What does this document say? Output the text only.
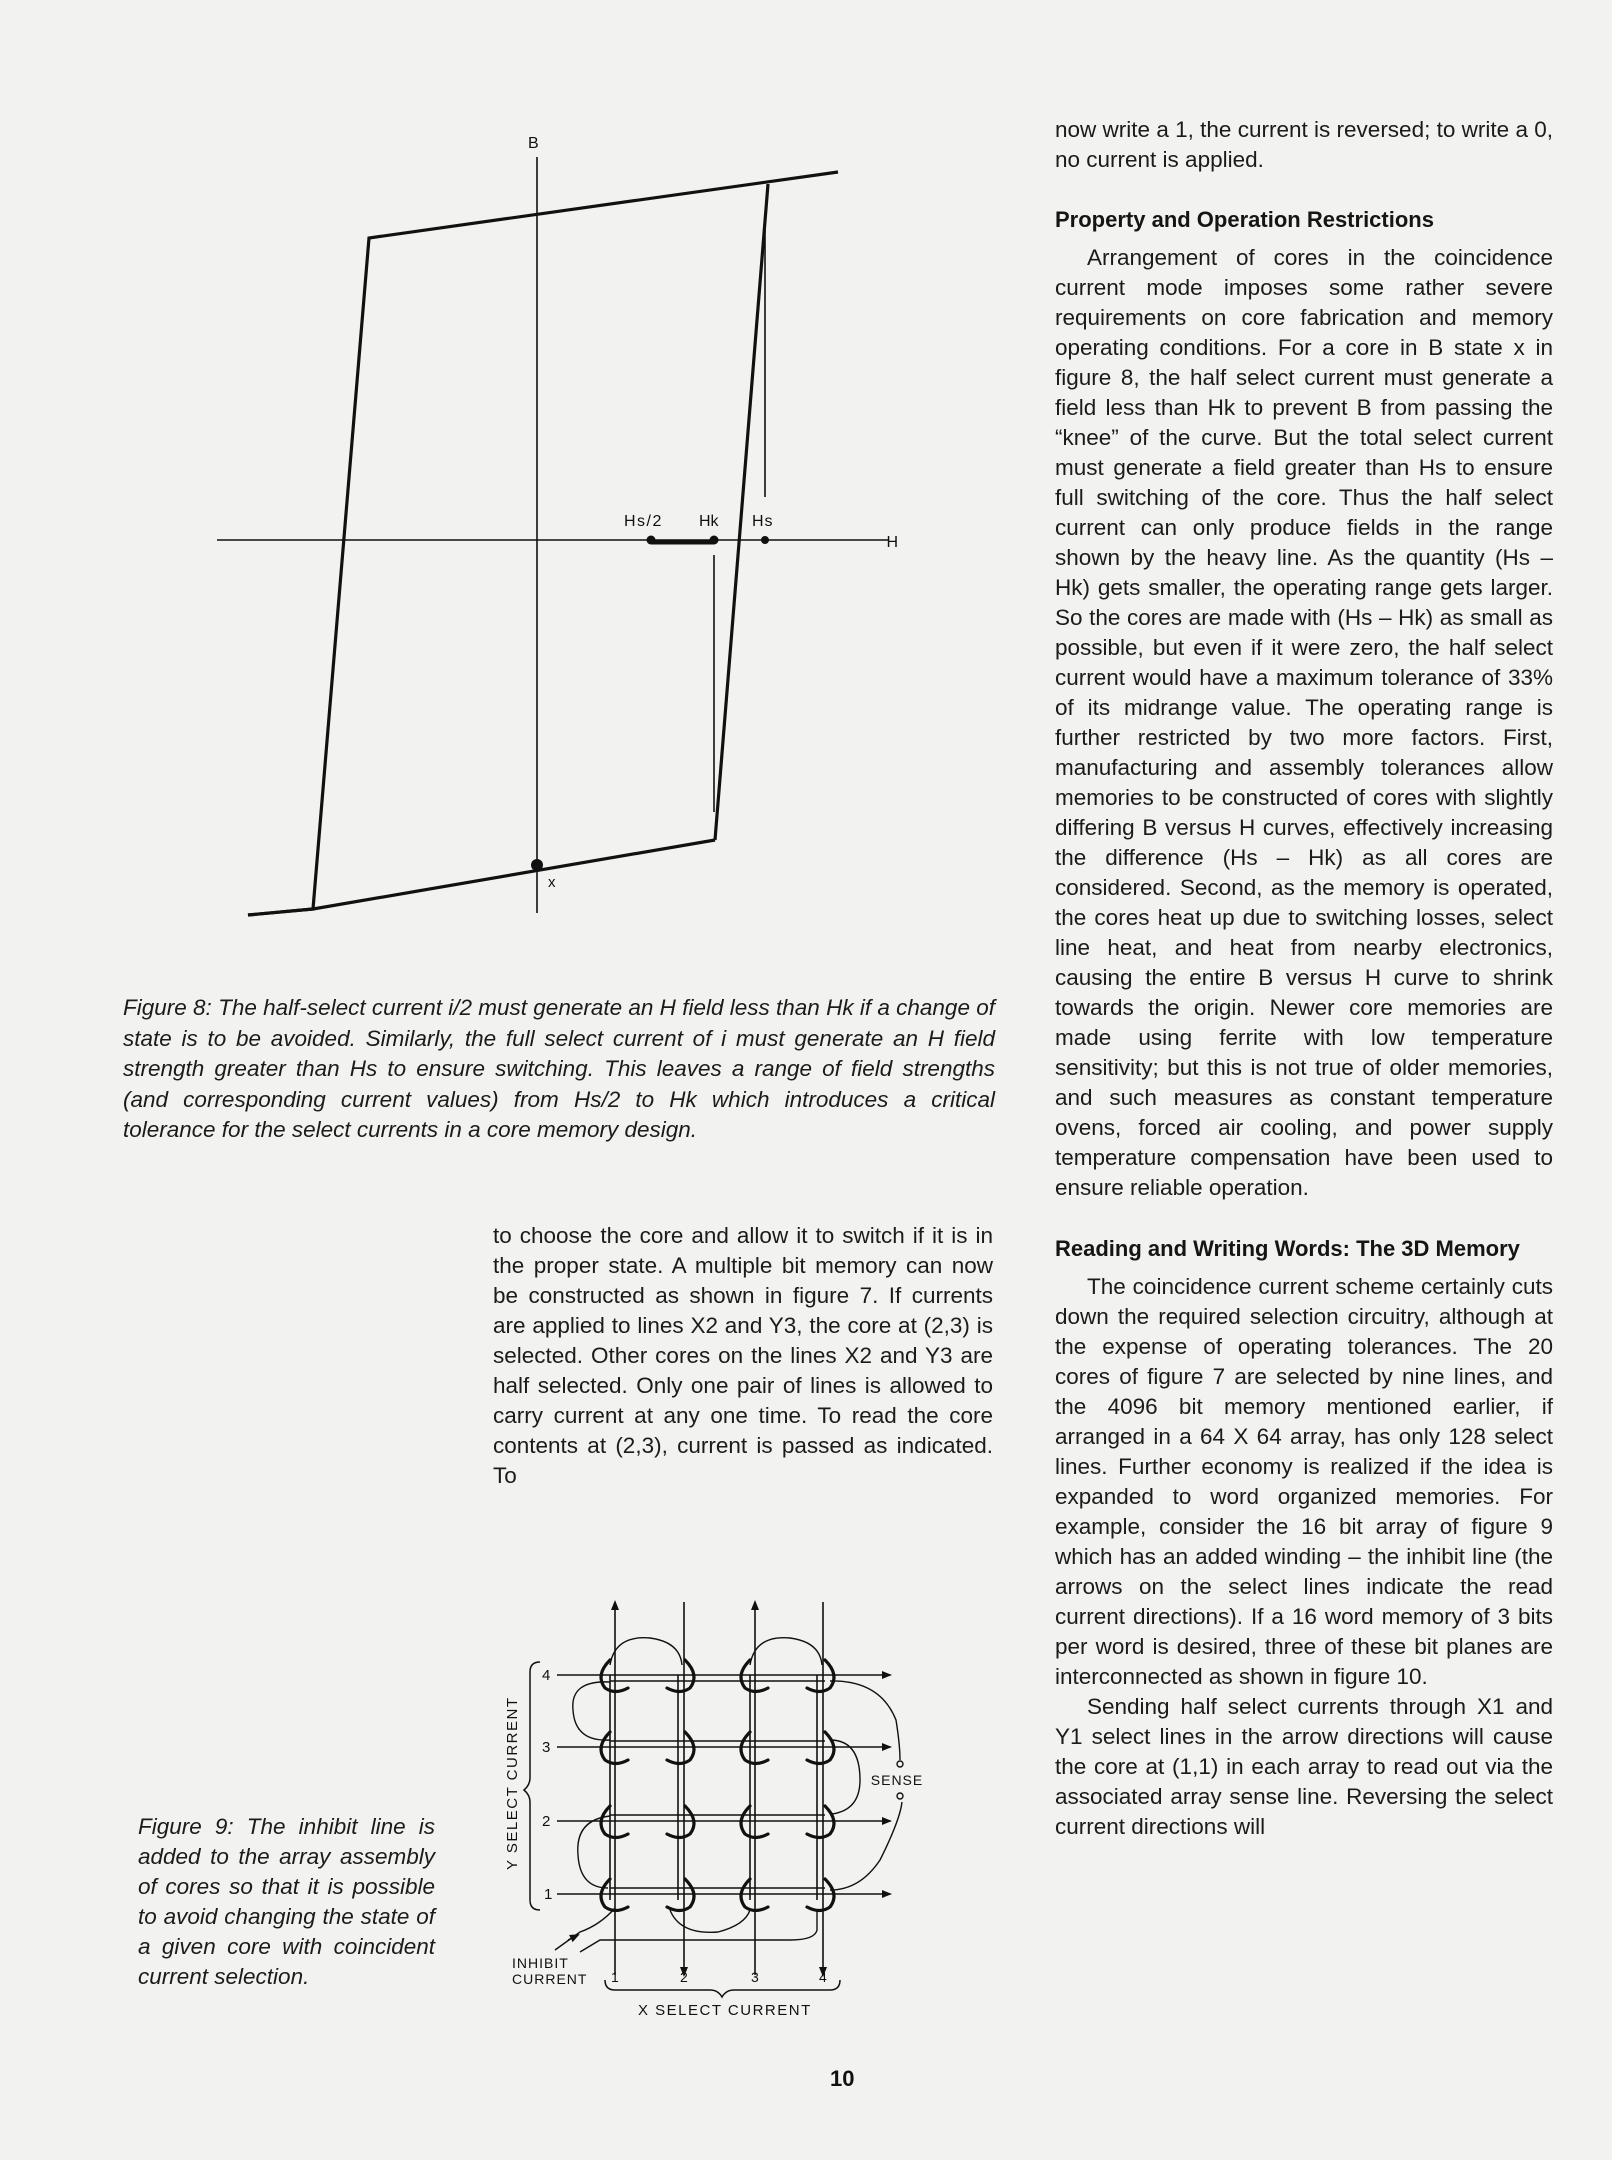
B
H
Hs/2 Hk Hs
x

Figure 8: The half-select current i/2 must generate an H field less than Hk if a change of state is to be avoided. Similarly, the full select current of i must generate an H field strength greater than Hs to ensure switching. This leaves a range of field strengths (and corresponding current values) from Hs/2 to Hk which introduces a critical tolerance for the select currents in a core memory design.

to choose the core and allow it to switch if it is in the proper state. A multiple bit memory can now be constructed as shown in figure 7. If currents are applied to lines X2 and Y3, the core at (2,3) is selected. Other cores on the lines X2 and Y3 are half selected. Only one pair of lines is allowed to carry current at any one time. To read the core contents at (2,3), current is passed as indicated. To

Y SELECT CURRENT
4
3
2
1
1	2	3	4
SENSE
INHIBIT
CURRENT
X SELECT CURRENT

Figure 9: The inhibit line is added to the array assembly of cores so that it is possible to avoid changing the state of a given core with coincident current selection.

now write a 1, the current is reversed; to write a 0, no current is applied.

Property and Operation Restrictions

Arrangement of cores in the coincidence current mode imposes some rather severe requirements on core fabrication and memory operating conditions. For a core in B state x in figure 8, the half select current must generate a field less than Hk to prevent B from passing the “knee” of the curve. But the total select current must generate a field greater than Hs to ensure full switching of the core. Thus the half select current can only produce fields in the range shown by the heavy line. As the quantity (Hs – Hk) gets smaller, the operating range gets larger. So the cores are made with (Hs – Hk) as small as possible, but even if it were zero, the half select current would have a maximum tolerance of 33% of its midrange value. The operating range is further restricted by two more factors. First, manufacturing and assembly tolerances allow memories to be constructed of cores with slightly differing B versus H curves, effectively increasing the difference (Hs – Hk) as all cores are considered. Second, as the memory is operated, the cores heat up due to switching losses, select line heat, and heat from nearby electronics, causing the entire B versus H curve to shrink towards the origin. Newer core memories are made using ferrite with low temperature sensitivity; but this is not true of older memories, and such measures as constant temperature ovens, forced air cooling, and power supply temperature compensation have been used to ensure reliable operation.

Reading and Writing Words: The 3D Memory

The coincidence current scheme certainly cuts down the required selection circuitry, although at the expense of operating tolerances. The 20 cores of figure 7 are selected by nine lines, and the 4096 bit memory mentioned earlier, if arranged in a 64 X 64 array, has only 128 select lines. Further economy is realized if the idea is expanded to word organized memories. For example, consider the 16 bit array of figure 9 which has an added winding – the inhibit line (the arrows on the select lines indicate the read current directions). If a 16 word memory of 3 bits per word is desired, three of these bit planes are interconnected as shown in figure 10.

Sending half select currents through X1 and Y1 select lines in the arrow directions will cause the core at (1,1) in each array to read out via the associated array sense line. Reversing the select current directions will

10
